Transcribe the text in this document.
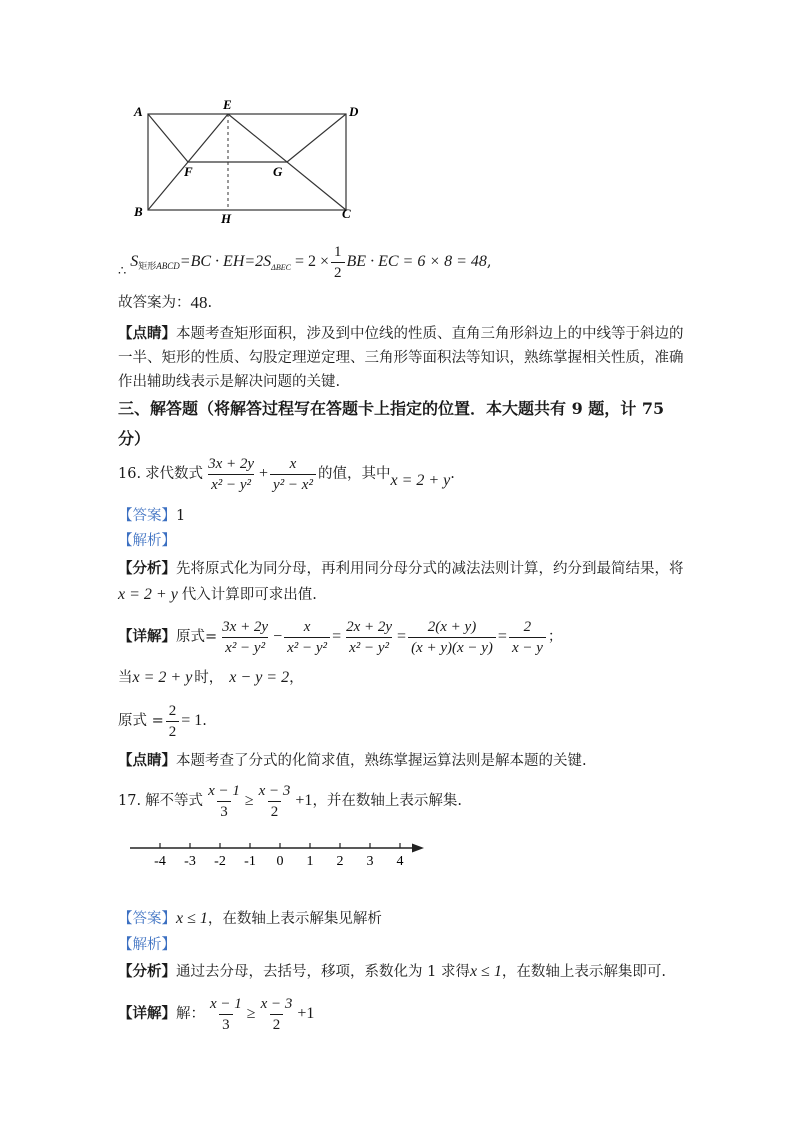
A	E	D
F	G
B	H	C
∴
S 矩形ABCD =BC · EH=2S $\Delta BEC = 2 \times \frac{1}{2}$ BE · EC = 6 × 8 = 48 ,
故答案为： 48 .
【点睛】本题考查矩形面积，涉及到中位线的性质、直角三角形斜边上的中线等于斜边的
一半、矩形的性质、勾股定理逆定理、三角形等面积法等知识，熟练掌握相关性质，准确
作出辅助线表示是解决问题的关键.
三、解答题（将解答过程写在答题卡上指定的位置．本大题共有 9 题，计 75
分）
16. 求代数式 $\frac{3x + 2y}{\text{x² − y²}} + \frac{x}{\text{y² − x²}}$ 的值，其中 x = 2 + y .
【答案】1
【解析】
【分析】先将原式化为同分母，再利用同分母分式的减法法则计算，约分到最简结果，将
x = 2 + y 代入计算即可求出值.
【详解】 原式= $\frac{3x + 2y}{\text{x² − y²}} - \frac{x}{\text{x² − y²}} = \frac{2x + 2y}{\text{x² − y²}} = \frac{2(x + y)}{(x + y)(x - y)} = \frac{2}{x - y}$ ；
当 x = 2 + y 时， x − y = 2 ，
原式 = $\frac{2}{2} = 1$ .
【点睛】本题考查了分式的化简求值，熟练掌握运算法则是解本题的关键.
17. 解不等式 $\frac{x - 1}{3} \ge \frac{x - 3}{2} +1$ ，并在数轴上表示解集.
-4 -3 -2 -1 0 1 2 3 4
【答案】 x ≤ 1 ，在数轴上表示解集见解析
【解析】
【分析】 通过去分母，去括号，移项，系数化为 1 求得 x ≤ 1 ，在数轴上表示解集即可.
【详解】 解： $\frac{x - 1}{3} \ge \frac{x - 3}{2} +1$
